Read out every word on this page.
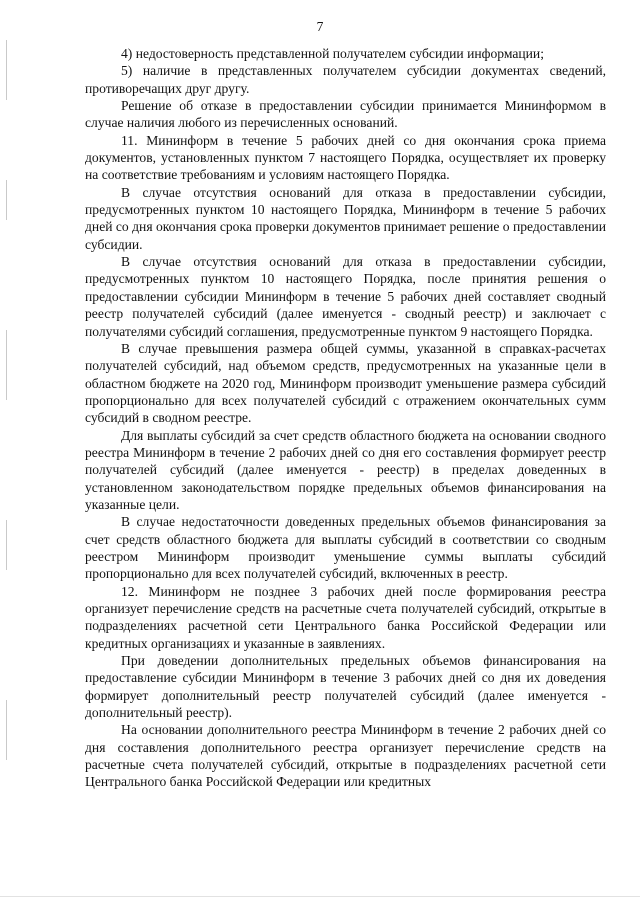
7

4) недостоверность представленной получателем субсидии информации;

5) наличие в представленных получателем субсидии документах сведений, противоречащих друг другу.

Решение об отказе в предоставлении субсидии принимается Мининформом в случае наличия любого из перечисленных оснований.

11. Мининформ в течение 5 рабочих дней со дня окончания срока приема документов, установленных пунктом 7 настоящего Порядка, осуществляет их проверку на соответствие требованиям и условиям настоящего Порядка.

В случае отсутствия оснований для отказа в предоставлении субсидии, предусмотренных пунктом 10 настоящего Порядка, Мининформ в течение 5 рабочих дней со дня окончания срока проверки документов принимает решение о предоставлении субсидии.

В случае отсутствия оснований для отказа в предоставлении субсидии, предусмотренных пунктом 10 настоящего Порядка, после принятия решения о предоставлении субсидии Мининформ в течение 5 рабочих дней составляет сводный реестр получателей субсидий (далее именуется - сводный реестр) и заключает с получателями субсидий соглашения, предусмотренные пунктом 9 настоящего Порядка.

В случае превышения размера общей суммы, указанной в справках-расчетах получателей субсидий, над объемом средств, предусмотренных на указанные цели в областном бюджете на 2020 год, Мининформ производит уменьшение размера субсидий пропорционально для всех получателей субсидий с отражением окончательных сумм субсидий в сводном реестре.

Для выплаты субсидий за счет средств областного бюджета на основании сводного реестра Мининформ в течение 2 рабочих дней со дня его составления формирует реестр получателей субсидий (далее именуется - реестр) в пределах доведенных в установленном законодательством порядке предельных объемов финансирования на указанные цели.

В случае недостаточности доведенных предельных объемов финансирования за счет средств областного бюджета для выплаты субсидий в соответствии со сводным реестром Мининформ производит уменьшение суммы выплаты субсидий пропорционально для всех получателей субсидий, включенных в реестр.

12. Мининформ не позднее 3 рабочих дней после формирования реестра организует перечисление средств на расчетные счета получателей субсидий, открытые в подразделениях расчетной сети Центрального банка Российской Федерации или кредитных организациях и указанные в заявлениях.

При доведении дополнительных предельных объемов финансирования на предоставление субсидии Мининформ в течение 3 рабочих дней со дня их доведения формирует дополнительный реестр получателей субсидий (далее именуется - дополнительный реестр).

На основании дополнительного реестра Мининформ в течение 2 рабочих дней со дня составления дополнительного реестра организует перечисление средств на расчетные счета получателей субсидий, открытые в подразделениях расчетной сети Центрального банка Российской Федерации или кредитных
